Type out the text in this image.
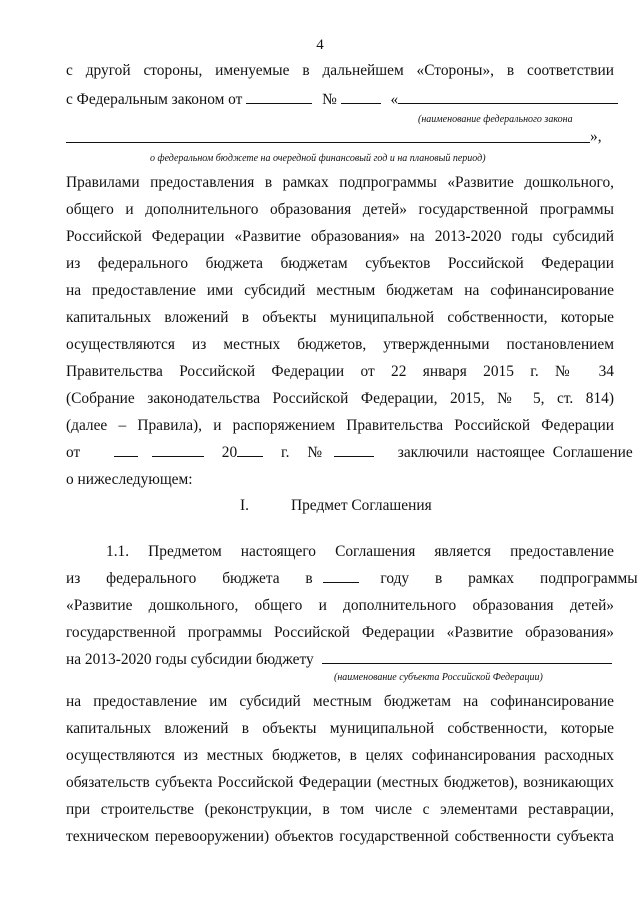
4
с другой стороны, именуемые в дальнейшем «Стороны», в соответствии
с Федеральным законом от	№	«
(наименование федерального закона
»,
о федеральном бюджете на очередной финансовый год и на плановый период)
Правилами предоставления в рамках подпрограммы «Развитие дошкольного,
общего и дополнительного образования детей» государственной программы
Российской Федерации «Развитие образования» на 2013-2020 годы субсидий
из федерального бюджета бюджетам субъектов Российской Федерации
на предоставление ими субсидий местным бюджетам на софинансирование
капитальных вложений в объекты муниципальной собственности, которые
осуществляются из местных бюджетов, утвержденными постановлением
Правительства Российской Федерации от 22 января 2015 г. № 34
(Собрание законодательства Российской Федерации, 2015, № 5, ст. 814)
(далее – Правила), и распоряжением Правительства Российской Федерации
от	20	г. №	заключили настоящее Соглашение
о нижеследующем:
I.	Предмет Соглашения
1.1. Предметом настоящего Соглашения является предоставление
из федерального бюджета в	году в рамках подпрограммы
«Развитие дошкольного, общего и дополнительного образования детей»
государственной программы Российской Федерации «Развитие образования»
на 2013-2020 годы субсидии бюджету
(наименование субъекта Российской Федерации)
на предоставление им субсидий местным бюджетам на софинансирование
капитальных вложений в объекты муниципальной собственности, которые
осуществляются из местных бюджетов, в целях софинансирования расходных
обязательств субъекта Российской Федерации (местных бюджетов), возникающих
при строительстве (реконструкции, в том числе с элементами реставрации,
техническом перевооружении) объектов государственной собственности субъекта
